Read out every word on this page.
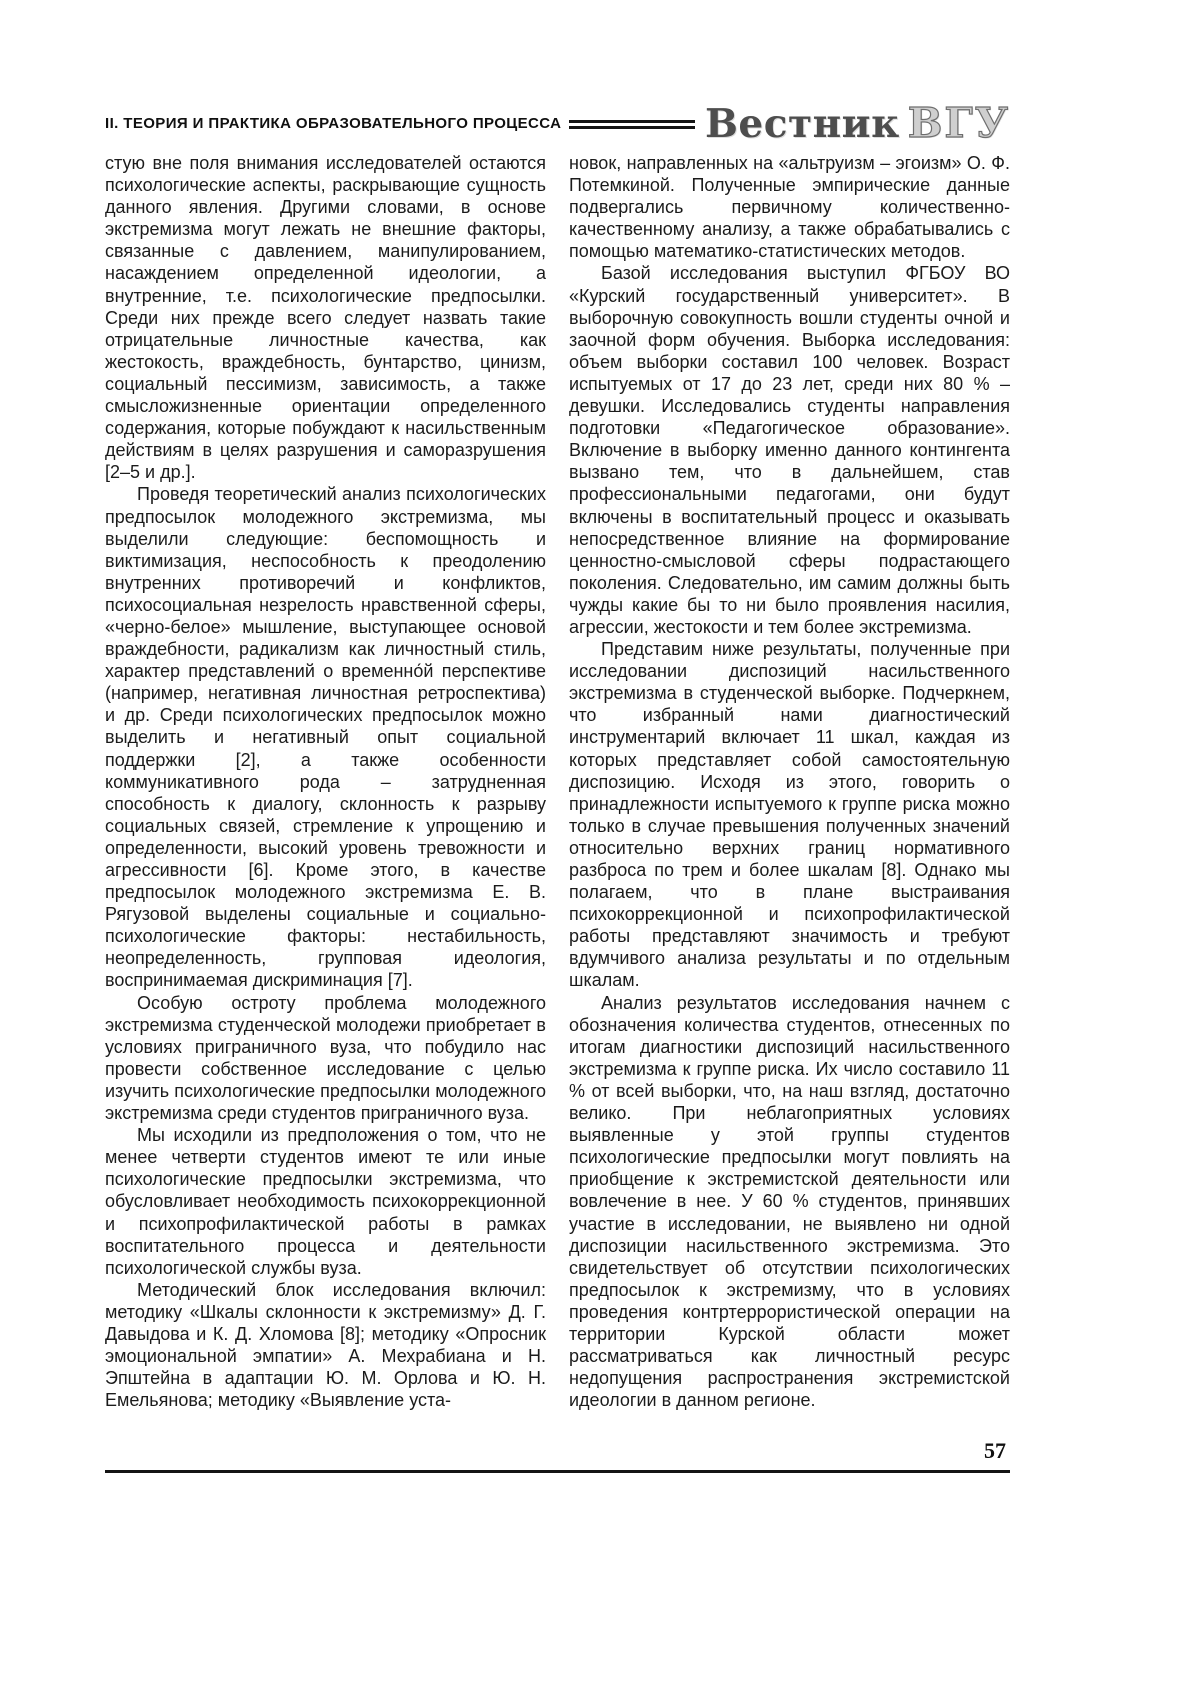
II. ТЕОРИЯ И ПРАКТИКА ОБРАЗОВАТЕЛЬНОГО ПРОЦЕССА	Вестник ВГУ

стую вне поля внимания исследователей остаются психологические аспекты, раскрывающие сущность данного явления. Другими словами, в основе экстремизма могут лежать не внешние факторы, связанные с давлением, манипулированием, насаждением определенной идеологии, а внутренние, т.е. психологические предпосылки. Среди них прежде всего следует назвать такие отрицательные личностные качества, как жестокость, враждебность, бунтарство, цинизм, социальный пессимизм, зависимость, а также смысложизненные ориентации определенного содержания, которые побуждают к насильственным действиям в целях разрушения и саморазрушения [2–5 и др.].

Проведя теоретический анализ психологических предпосылок молодежного экстремизма, мы выделили следующие: беспомощность и виктимизация, неспособность к преодолению внутренних противоречий и конфликтов, психосоциальная незрелость нравственной сферы, «черно-белое» мышление, выступающее основой враждебности, радикализм как личностный стиль, характер представлений о временно́й перспективе (например, негативная личностная ретроспектива) и др. Среди психологических предпосылок можно выделить и негативный опыт социальной поддержки [2], а также особенности коммуникативного рода – затрудненная способность к диалогу, склонность к разрыву социальных связей, стремление к упрощению и определенности, высокий уровень тревожности и агрессивности [6]. Кроме этого, в качестве предпосылок молодежного экстремизма Е. В. Рягузовой выделены социальные и социально-психологические факторы: нестабильность, неопределенность, групповая идеология, воспринимаемая дискриминация [7].

Особую остроту проблема молодежного экстремизма студенческой молодежи приобретает в условиях приграничного вуза, что побудило нас провести собственное исследование с целью изучить психологические предпосылки молодежного экстремизма среди студентов приграничного вуза.

Мы исходили из предположения о том, что не менее четверти студентов имеют те или иные психологические предпосылки экстремизма, что обусловливает необходимость психокоррекционной и психопрофилактической работы в рамках воспитательного процесса и деятельности психологической службы вуза.

Методический блок исследования включил: методику «Шкалы склонности к экстремизму» Д. Г. Давыдова и К. Д. Хломова [8]; методику «Опросник эмоциональной эмпатии» А. Мехрабиана и Н. Эпштейна в адаптации Ю. М. Орлова и Ю. Н. Емельянова; методику «Выявление уста-

новок, направленных на «альтруизм – эгоизм» О. Ф. Потемкиной. Полученные эмпирические данные подвергались первичному количественно-качественному анализу, а также обрабатывались с помощью математико-статистических методов.

Базой исследования выступил ФГБОУ ВО «Курский государственный университет». В выборочную совокупность вошли студенты очной и заочной форм обучения. Выборка исследования: объем выборки составил 100 человек. Возраст испытуемых от 17 до 23 лет, среди них 80 % – девушки. Исследовались студенты направления подготовки «Педагогическое образование». Включение в выборку именно данного контингента вызвано тем, что в дальнейшем, став профессиональными педагогами, они будут включены в воспитательный процесс и оказывать непосредственное влияние на формирование ценностно-смысловой сферы подрастающего поколения. Следовательно, им самим должны быть чужды какие бы то ни было проявления насилия, агрессии, жестокости и тем более экстремизма.

Представим ниже результаты, полученные при исследовании диспозиций насильственного экстремизма в студенческой выборке. Подчеркнем, что избранный нами диагностический инструментарий включает 11 шкал, каждая из которых представляет собой самостоятельную диспозицию. Исходя из этого, говорить о принадлежности испытуемого к группе риска можно только в случае превышения полученных значений относительно верхних границ нормативного разброса по трем и более шкалам [8]. Однако мы полагаем, что в плане выстраивания психокоррекционной и психопрофилактической работы представляют значимость и требуют вдумчивого анализа результаты и по отдельным шкалам.

Анализ результатов исследования начнем с обозначения количества студентов, отнесенных по итогам диагностики диспозиций насильственного экстремизма к группе риска. Их число составило 11 % от всей выборки, что, на наш взгляд, достаточно велико. При неблагоприятных условиях выявленные у этой группы студентов психологические предпосылки могут повлиять на приобщение к экстремистской деятельности или вовлечение в нее. У 60 % студентов, принявших участие в исследовании, не выявлено ни одной диспозиции насильственного экстремизма. Это свидетельствует об отсутствии психологических предпосылок к экстремизму, что в условиях проведения контртеррористической операции на территории Курской области может рассматриваться как личностный ресурс недопущения распространения экстремистской идеологии в данном регионе.

57
